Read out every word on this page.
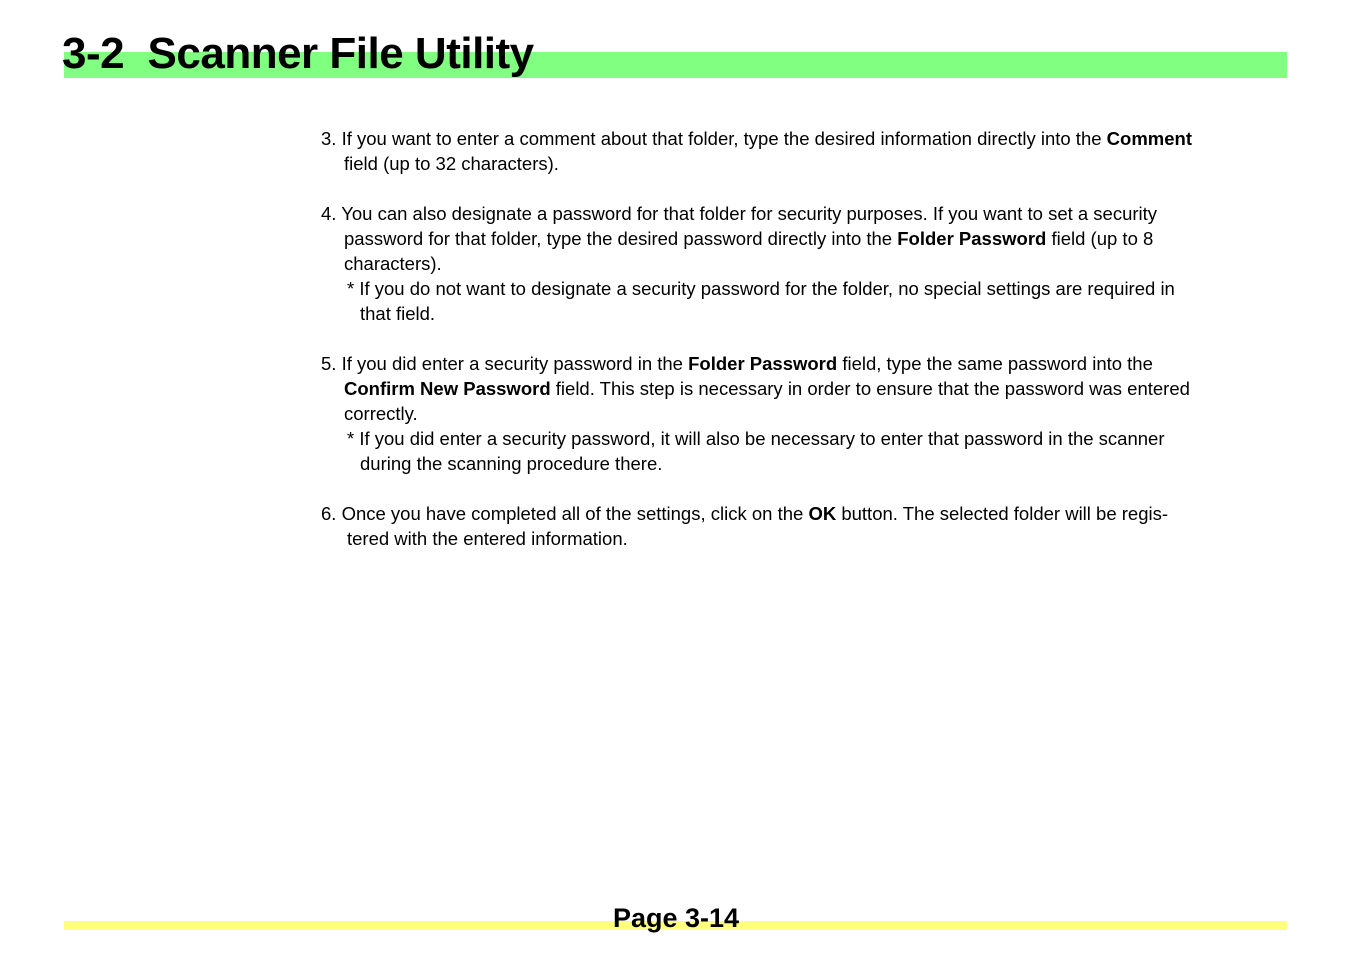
3-2  Scanner File Utility
3. If you want to enter a comment about that folder, type the desired information directly into the Comment
field (up to 32 characters).
4. You can also designate a password for that folder for security purposes. If you want to set a security
password for that folder, type the desired password directly into the Folder Password field (up to 8
characters).
* If you do not want to designate a security password for the folder, no special settings are required in
that field.
5. If you did enter a security password in the Folder Password field, type the same password into the
Confirm New Password field. This step is necessary in order to ensure that the password was entered
correctly.
* If you did enter a security password, it will also be necessary to enter that password in the scanner
during the scanning procedure there.
6. Once you have completed all of the settings, click on the OK button. The selected folder will be regis-
tered with the entered information.
Page 3-14
